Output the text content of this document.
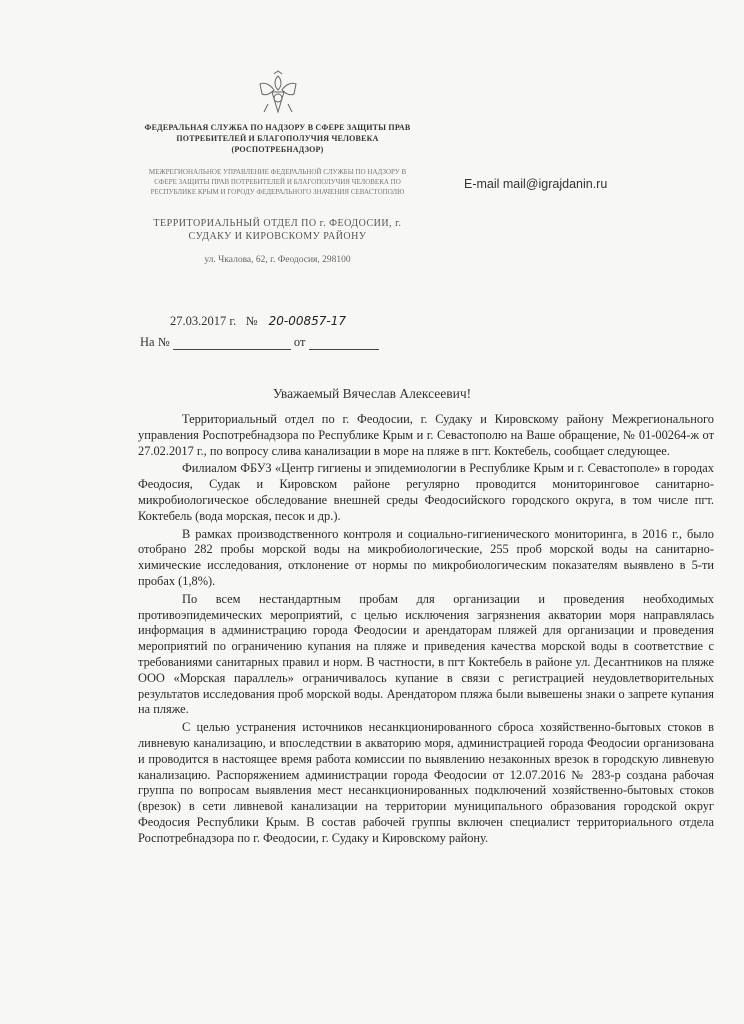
ФЕДЕРАЛЬНАЯ СЛУЖБА ПО НАДЗОРУ В СФЕРЕ ЗАЩИТЫ ПРАВ ПОТРЕБИТЕЛЕЙ И БЛАГОПОЛУЧИЯ ЧЕЛОВЕКА (РОСПОТРЕБНАДЗОР)
МЕЖРЕГИОНАЛЬНОЕ УПРАВЛЕНИЕ ФЕДЕРАЛЬНОЙ СЛУЖБЫ ПО НАДЗОРУ В СФЕРЕ ЗАЩИТЫ ПРАВ ПОТРЕБИТЕЛЕЙ И БЛАГОПОЛУЧИЯ ЧЕЛОВЕКА ПО РЕСПУБЛИКЕ КРЫМ И ГОРОДУ ФЕДЕРАЛЬНОГО ЗНАЧЕНИЯ СЕВАСТОПОЛЮ
ТЕРРИТОРИАЛЬНЫЙ ОТДЕЛ ПО г. ФЕОДОСИИ, г. СУДАКУ И КИРОВСКОМУ РАЙОНУ
ул. Чкалова, 62, г. Феодосия, 298100
E-mail mail@igrajdanin.ru
27.03.2017 г. № 20-00857-17
На №	от
Уважаемый Вячеслав Алексеевич!

Территориальный отдел по г. Феодосии, г. Судаку и Кировскому району Межрегионального управления Роспотребнадзора по Республике Крым и г. Севастополю на Ваше обращение, № 01-00264-ж от 27.02.2017 г., по вопросу слива канализации в море на пляже в пгт. Коктебель, сообщает следующее.

Филиалом ФБУЗ «Центр гигиены и эпидемиологии в Республике Крым и г. Севастополе» в городах Феодосия, Судак и Кировском районе регулярно проводится мониторинговое санитарно-микробиологическое обследование внешней среды Феодосийского городского округа, в том числе пгт. Коктебель (вода морская, песок и др.).

В рамках производственного контроля и социально-гигиенического мониторинга, в 2016 г., было отобрано 282 пробы морской воды на микробиологические, 255 проб морской воды на санитарно-химические исследования, отклонение от нормы по микробиологическим показателям выявлено в 5-ти пробах (1,8%).

По всем нестандартным пробам для организации и проведения необходимых противоэпидемических мероприятий, с целью исключения загрязнения акватории моря направлялась информация в администрацию города Феодосии и арендаторам пляжей для организации и проведения мероприятий по ограничению купания на пляже и приведения качества морской воды в соответствие с требованиями санитарных правил и норм. В частности, в пгт Коктебель в районе ул. Десантников на пляже ООО «Морская параллель» ограничивалось купание в связи с регистрацией неудовлетворительных результатов исследования проб морской воды. Арендатором пляжа были вывешены знаки о запрете купания на пляже.

С целью устранения источников несанкционированного сброса хозяйственно-бытовых стоков в ливневую канализацию, и впоследствии в акваторию моря, администрацией города Феодосии организована и проводится в настоящее время работа комиссии по выявлению незаконных врезок в городскую ливневую канализацию. Распоряжением администрации города Феодосии от 12.07.2016 № 283-р создана рабочая группа по вопросам выявления мест несанкционированных подключений хозяйственно-бытовых стоков (врезок) в сети ливневой канализации на территории муниципального образования городской округ Феодосия Республики Крым. В состав рабочей группы включен специалист территориального отдела Роспотребнадзора по г. Феодосии, г. Судаку и Кировскому району.
